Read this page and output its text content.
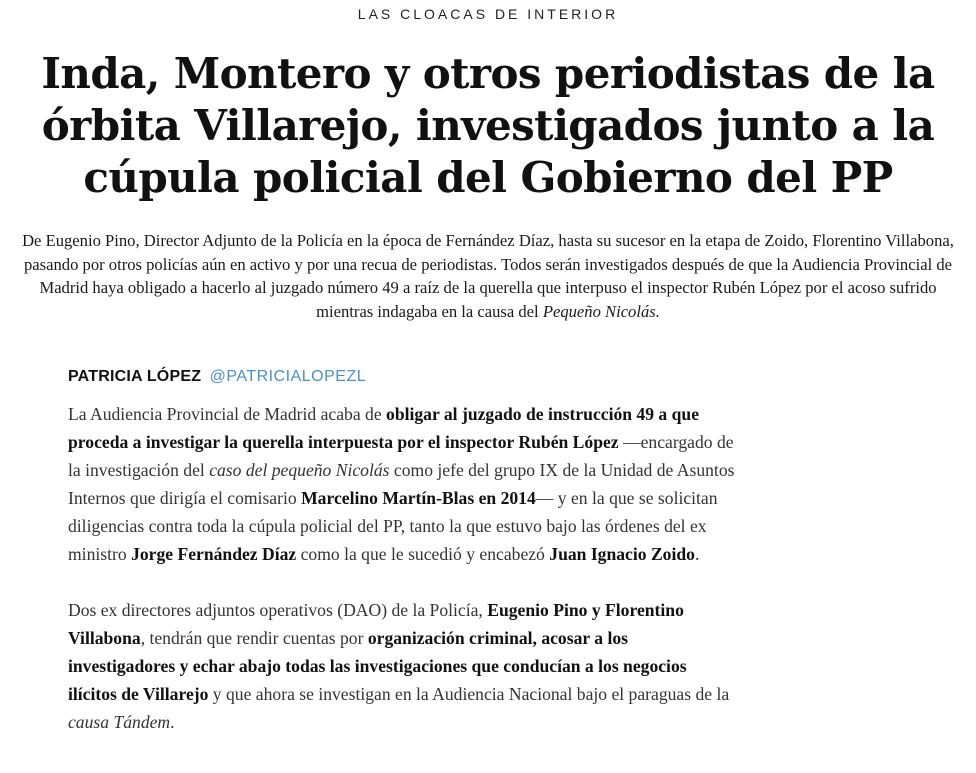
LAS CLOACAS DE INTERIOR
Inda, Montero y otros periodistas de la órbita Villarejo, investigados junto a la cúpula policial del Gobierno del PP

De Eugenio Pino, Director Adjunto de la Policía en la época de Fernández Díaz, hasta su sucesor en la etapa de Zoido, Florentino Villabona, pasando por otros policías aún en activo y por una recua de periodistas. Todos serán investigados después de que la Audiencia Provincial de Madrid haya obligado a hacerlo al juzgado número 49 a raíz de la querella que interpuso el inspector Rubén López por el acoso sufrido mientras indagaba en la causa del Pequeño Nicolás.

PATRICIA LÓPEZ @PATRICIALOPEZL

La Audiencia Provincial de Madrid acaba de obligar al juzgado de instrucción 49 a que proceda a investigar la querella interpuesta por el inspector Rubén López —encargado de la investigación del caso del pequeño Nicolás como jefe del grupo IX de la Unidad de Asuntos Internos que dirigía el comisario Marcelino Martín-Blas en 2014— y en la que se solicitan diligencias contra toda la cúpula policial del PP, tanto la que estuvo bajo las órdenes del ex ministro Jorge Fernández Díaz como la que le sucedió y encabezó Juan Ignacio Zoido.

Dos ex directores adjuntos operativos (DAO) de la Policía, Eugenio Pino y Florentino Villabona, tendrán que rendir cuentas por organización criminal, acosar a los investigadores y echar abajo todas las investigaciones que conducían a los negocios ilícitos de Villarejo y que ahora se investigan en la Audiencia Nacional bajo el paraguas de la causa Tándem.
